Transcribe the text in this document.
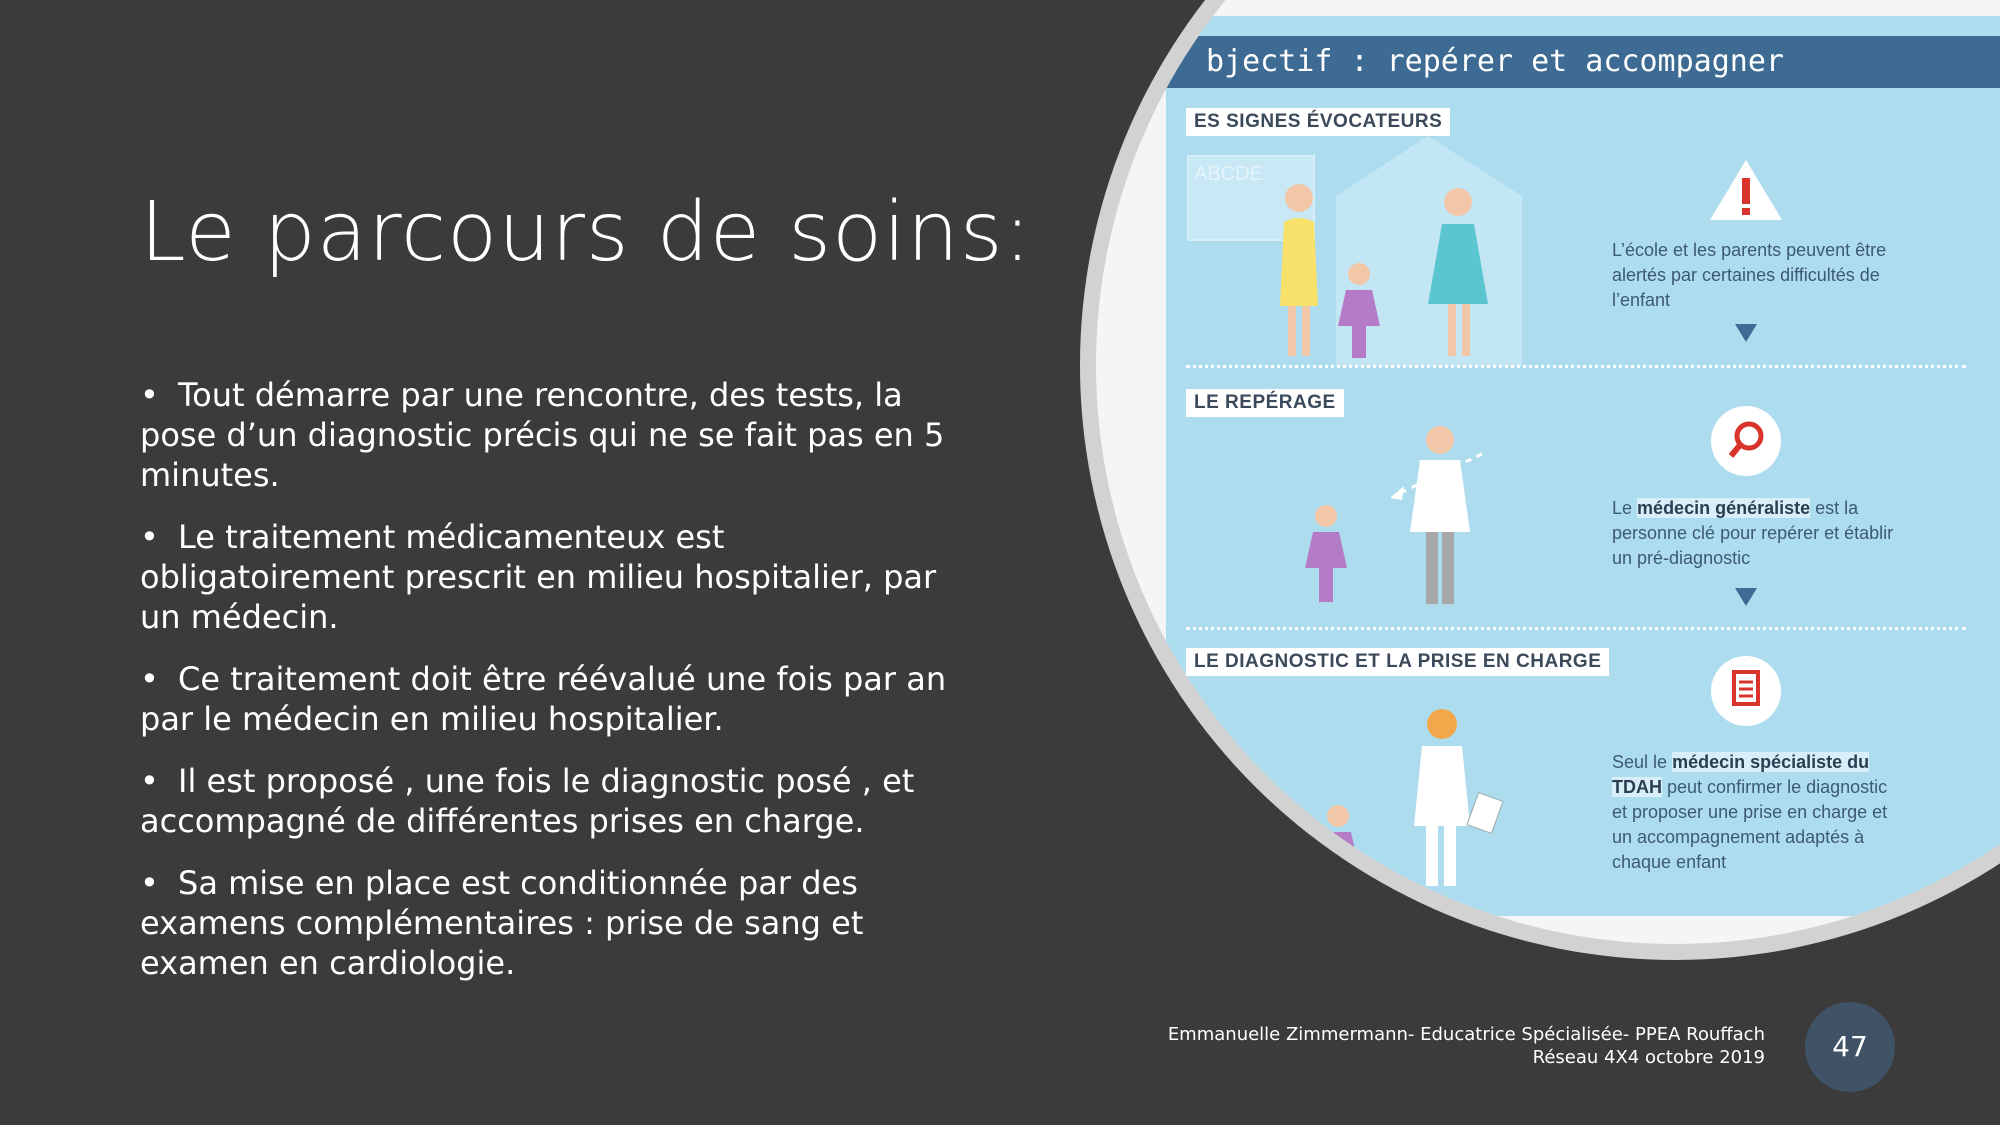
Le parcours de soins:
• Tout démarre par une rencontre, des tests, la pose d’un diagnostic précis qui ne se fait pas en 5 minutes.
• Le traitement médicamenteux est obligatoirement prescrit en milieu hospitalier, par un médecin.
• Ce traitement doit être réévalué une fois par an par le médecin en milieu hospitalier.
• Il est proposé , une fois le diagnostic posé , et accompagné de différentes prises en charge.
• Sa mise en place est conditionnée par des examens complémentaires : prise de sang et examen en cardiologie.
bjectif : repérer et accompagner
ES SIGNES ÉVOCATEURS
ABCDE
L’école et les parents peuvent être alertés par certaines difficultés de l’enfant
LE REPÉRAGE
Le médecin généraliste est la personne clé pour repérer et établir un pré-diagnostic
LE DIAGNOSTIC ET LA PRISE EN CHARGE
Seul le médecin spécialiste du TDAH peut confirmer le diagnostic et proposer une prise en charge et un accompagnement adaptés à chaque enfant
Emmanuelle Zimmermann- Educatrice Spécialisée- PPEA Rouffach
Réseau 4X4 octobre 2019	47
